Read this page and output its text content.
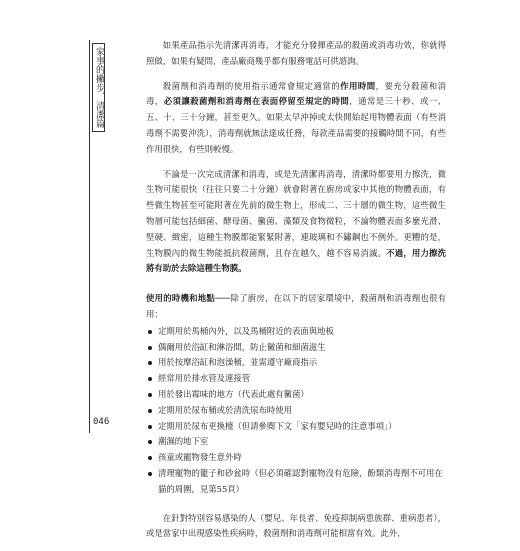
家事的撇步．清潔篇
046

如果產品指示先清潔再消毒，才能充分發揮產品的殺菌或消毒功效，你就得照做，如果有疑問，產品廠商幾乎都有服務電話可供諮詢。

殺菌劑和消毒劑的使用指示通常會規定適當的作用時間，要充分殺菌和消毒，必須讓殺菌劑和消毒劑在表面停留至規定的時間，通常是三十秒、或一、五、十、三十分鐘，甚至更久。如果太早沖掉或太快開始起用物體表面（有些消毒劑不需要沖洗），消毒劑就無法達成任務，每款產品需要的接觸時間不同，有些作用很快，有些則較慢。

不論是一次完成清潔和消毒，或是先清潔再消毒，清潔時都要用力擦洗，微生物可能很快（往往只要二十分鐘）就會附著在廚房或家中其他的物體表面，有些微生物甚至可能附著在先前的微生物上，形成二、三十層的微生物，這些微生物層可能包括細菌、酵母菌、黴菌、藻類及食物微粒，不論物體表面多麼光滑、堅硬、緻密，這種生物膜都能緊緊附著，連玻璃和不鏽鋼也不例外。更糟的是，生物膜內的微生物能抵抗殺菌劑，且存在越久，越不容易消滅。不過，用力擦洗將有助於去除這種生物膜。

使用的時機和地點───除了廚房，在以下的居家環境中，殺菌劑和消毒劑也很有用：

定期用於馬桶內外，以及馬桶附近的表面與地板
偶爾用於浴缸和淋浴間，防止黴菌和細菌滋生
用於按摩浴缸和泡澡桶，並需遵守廠商指示
經常用於排水管及連接管
用於發出霉味的地方（代表此處有黴菌）
定期用於尿布桶或於清洗尿布時使用
定期用於尿布更換檯（但請參閱下文「家有嬰兒時的注意事項」）
潮濕的地下室
孩童或寵物發生意外時
清理寵物的籠子和砂盆時（但必須確認對寵物沒有危險，酚類消毒劑不可用在貓的周圍，見第55頁）

在針對特別容易感染的人（嬰兒、年長者、免疫抑制病患族群、重病患者），或是當家中出現感染性疾病時，殺菌劑和消毒劑可能相當有效。此外，
